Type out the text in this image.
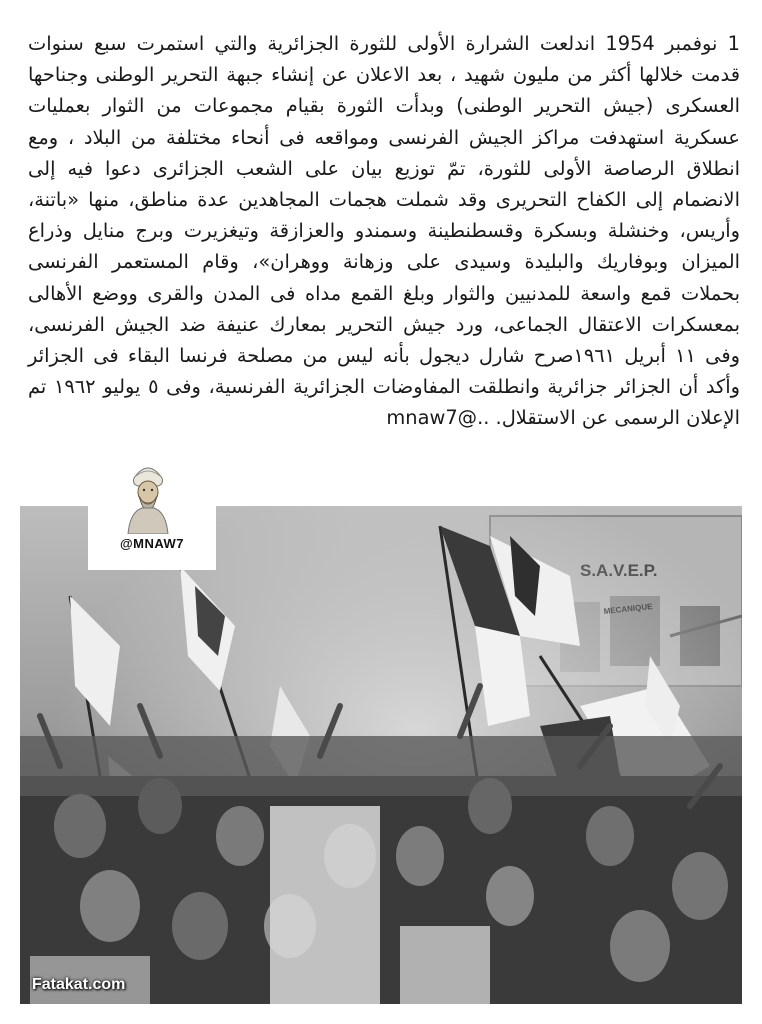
1 نوفمبر 1954 اندلعت الشرارة الأولى للثورة الجزائرية والتي استمرت سبع سنوات قدمت خلالها أكثر من مليون شهيد ، بعد الاعلان عن إنشاء جبهة التحرير الوطنى وجناحها العسكرى (جيش التحرير الوطنى) وبدأت الثورة بقيام مجموعات من الثوار بعمليات عسكرية استهدفت مراكز الجيش الفرنسى ومواقعه فى أنحاء مختلفة من البلاد ، ومع انطلاق الرصاصة الأولى للثورة، تمّ توزيع بيان على الشعب الجزائرى دعوا فيه إلى الانضمام إلى الكفاح التحريرى وقد شملت هجمات المجاهدين عدة مناطق، منها «باتنة، وأريس، وخنشلة وبسكرة وقسطنطينة وسمندو والعزازقة وتيغزيرت وبرج منايل وذراع الميزان وبوفاريك والبليدة وسيدى على وزهانة ووهران»، وقام المستعمر الفرنسى بحملات قمع واسعة للمدنيين والثوار وبلغ القمع مداه فى المدن والقرى ووضع الأهالى بمعسكرات الاعتقال الجماعى، ورد جيش التحرير بمعارك عنيفة ضد الجيش الفرنسى، وفى ١١ أبريل ١٩٦١صرح شارل ديجول بأنه ليس من مصلحة فرنسا البقاء فى الجزائر وأكد أن الجزائر جزائرية وانطلقت المفاوضات الجزائرية الفرنسية، وفى ٥ يوليو ١٩٦٢ تم الإعلان الرسمى عن الاستقلال. ..@mnaw7

@MNAW7
Fatakat.com
